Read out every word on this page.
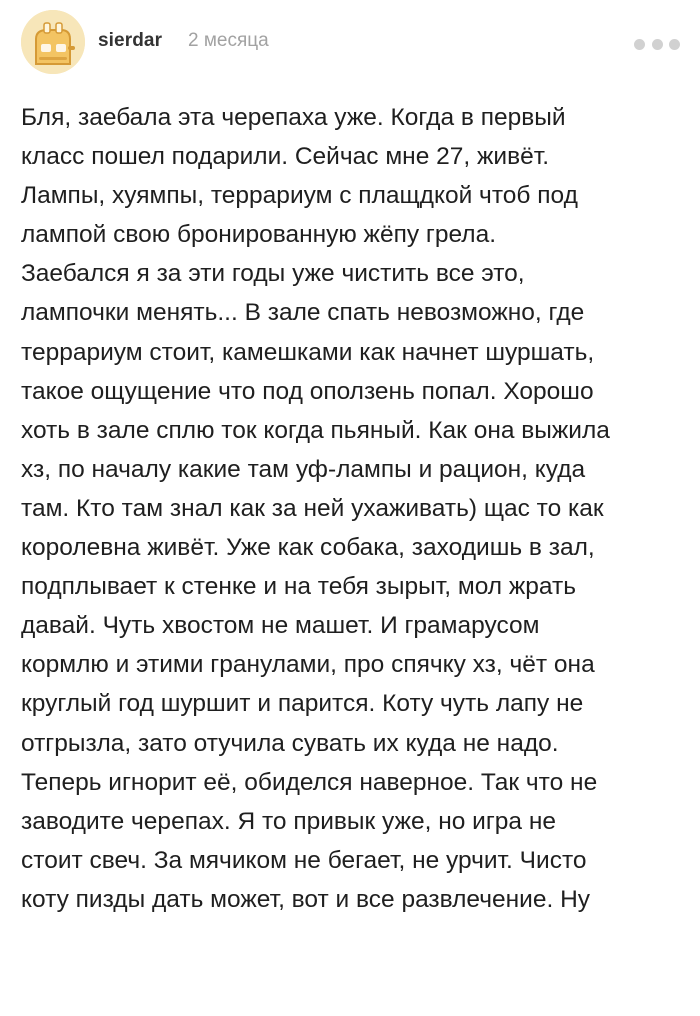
sierdar 2 месяца

Бля, заебала эта черепаха уже. Когда в первый
класс пошел подарили. Сейчас мне 27, живёт.
Лампы, хуямпы, террариум с плащдкой чтоб под
лампой свою бронированную жёпу грела.
Заебался я за эти годы уже чистить все это,
лампочки менять... В зале спать невозможно, где
террариум стоит, камешками как начнет шуршать,
такое ощущение что под оползень попал. Хорошо
хоть в зале сплю ток когда пьяный. Как она выжила
хз, по началу какие там уф-лампы и рацион, куда
там. Кто там знал как за ней ухаживать) щас то как
королевна живёт. Уже как собака, заходишь в зал,
подплывает к стенке и на тебя зырыт, мол жрать
давай. Чуть хвостом не машет. И грамарусом
кормлю и этими гранулами, про спячку хз, чёт она
круглый год шуршит и парится. Коту чуть лапу не
отгрызла, зато отучила сувать их куда не надо.
Теперь игнорит её, обиделся наверное. Так что не
заводите черепах. Я то привык уже, но игра не
стоит свеч. За мячиком не бегает, не урчит. Чисто
коту пизды дать может, вот и все развлечение. Ну
